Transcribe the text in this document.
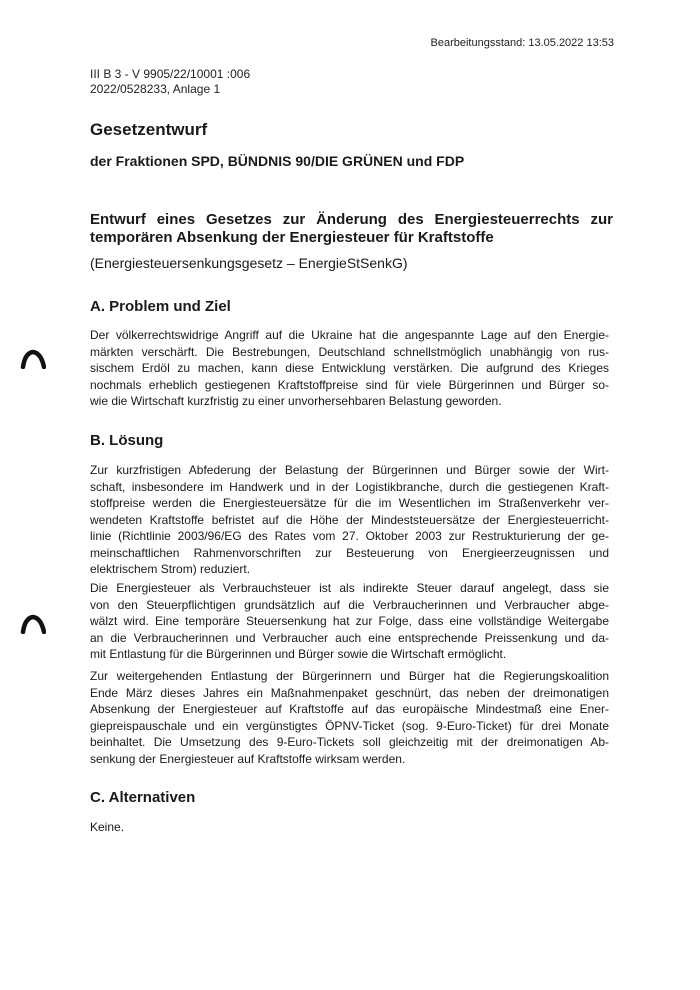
Bearbeitungsstand: 13.05.2022 13:53
III B 3 - V 9905/22/10001 :006
2022/0528233, Anlage 1
Gesetzentwurf
der Fraktionen SPD, BÜNDNIS 90/DIE GRÜNEN und FDP
Entwurf eines Gesetzes zur Änderung des Energiesteuerrechts zur
temporären Absenkung der Energiesteuer für Kraftstoffe
(Energiesteuersenkungsgesetz – EnergieStSenkG)
A. Problem und Ziel
Der völkerrechtswidrige Angriff auf die Ukraine hat die angespannte Lage auf den Energie-
märkten verschärft. Die Bestrebungen, Deutschland schnellstmöglich unabhängig von rus-
sischem Erdöl zu machen, kann diese Entwicklung verstärken. Die aufgrund des Krieges
nochmals erheblich gestiegenen Kraftstoffpreise sind für viele Bürgerinnen und Bürger so-
wie die Wirtschaft kurzfristig zu einer unvorhersehbaren Belastung geworden.
B. Lösung
Zur kurzfristigen Abfederung der Belastung der Bürgerinnen und Bürger sowie der Wirt-
schaft, insbesondere im Handwerk und in der Logistikbranche, durch die gestiegenen Kraft-
stoffpreise werden die Energiesteuersätze für die im Wesentlichen im Straßenverkehr ver-
wendeten Kraftstoffe befristet auf die Höhe der Mindeststeuersätze der Energiesteuerricht-
linie (Richtlinie 2003/96/EG des Rates vom 27. Oktober 2003 zur Restrukturierung der ge-
meinschaftlichen Rahmenvorschriften zur Besteuerung von Energieerzeugnissen und
elektrischem Strom) reduziert.
Die Energiesteuer als Verbrauchsteuer ist als indirekte Steuer darauf angelegt, dass sie
von den Steuerpflichtigen grundsätzlich auf die Verbraucherinnen und Verbraucher abge-
wälzt wird. Eine temporäre Steuersenkung hat zur Folge, dass eine vollständige Weitergabe
an die Verbraucherinnen und Verbraucher auch eine entsprechende Preissenkung und da-
mit Entlastung für die Bürgerinnen und Bürger sowie die Wirtschaft ermöglicht.
Zur weitergehenden Entlastung der Bürgerinnern und Bürger hat die Regierungskoalition
Ende März dieses Jahres ein Maßnahmenpaket geschnürt, das neben der dreimonatigen
Absenkung der Energiesteuer auf Kraftstoffe auf das europäische Mindestmaß eine Ener-
giepreispauschale und ein vergünstigtes ÖPNV-Ticket (sog. 9-Euro-Ticket) für drei Monate
beinhaltet. Die Umsetzung des 9-Euro-Tickets soll gleichzeitig mit der dreimonatigen Ab-
senkung der Energiesteuer auf Kraftstoffe wirksam werden.
C. Alternativen
Keine.
